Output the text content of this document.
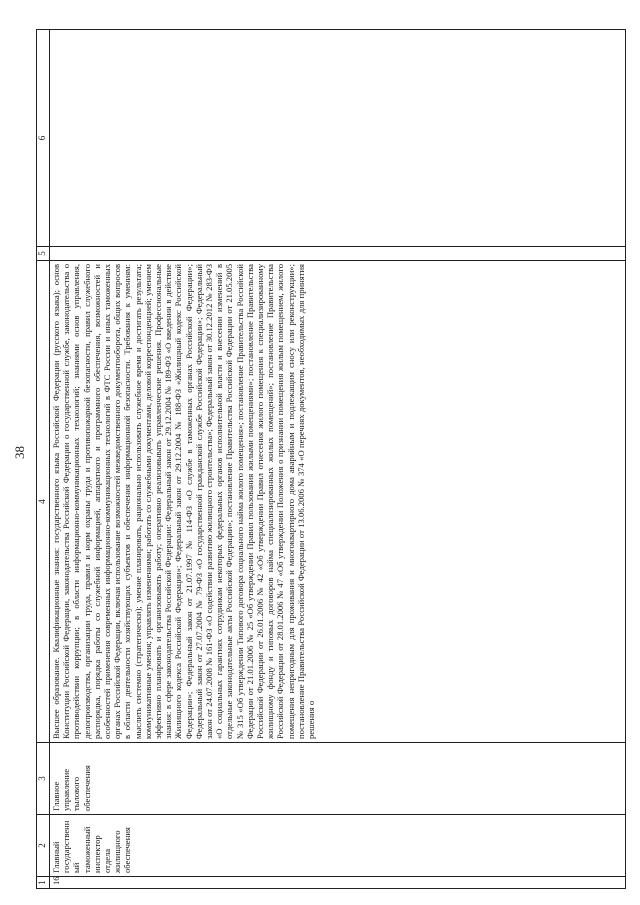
38
1	2	3	4	5	6
16	Главный государственный таможенный инспектор отдела жилищного обеспечения	Главное управление тылового обеспечения	Высшее образование. Квалификационные знания: государственного языка Российской Федерации (русского языка); основ Конституции Российской Федерации, законодательства Российской Федерации о государственной службе, законодательства о противодействии коррупции; в области информационно-коммуникационных технологий; знаниями основ управления, делопроизводства, организации труда, правил и норм охраны труда и противопожарной безопасности, правил служебного распорядка, порядка работы со служебной информацией, аппаратного и программного обеспечения, возможностей и особенностей применения современных информационно-коммуникационных технологий в ФТС России и иных таможенных органах Российской Федерации, включая использование возможностей межведомственного документооборота, общих вопросов в области деятельности хозяйствующих субъектов и обеспечения информационной безопасности. Требования к умениям: мыслить системно (стратегически); умение планировать, рационально использовать служебное время и достигать результата; коммуникативные умения; управлять изменениями; работать со служебными документами, деловой корреспонденцией; умением эффективно планировать и организовывать работу; оперативно реализовывать управленческие решения. Профессиональные знания: в сфере законодательства Российской Федерации: Федеральный закон от 29.12.2004 № 189-ФЗ «О введении в действие Жилищного кодекса Российской Федерации»; Федеральный закон от 29.12.2004 № 188-ФЗ «Жилищный кодекс Российской Федерации»; Федеральный закон от 21.07.1997 № 114-ФЗ «О службе в таможенных органах Российской Федерации»; Федеральный закон от 27.07.2004 № 79-ФЗ «О государственной гражданской службе Российской Федерации»; Федеральный закон от 24.07.2008 № 161-ФЗ «О содействии развитию жилищного строительства»; Федеральный закон от 30.12.2012 № 283-ФЗ «О социальных гарантиях сотрудникам некоторых федеральных органов исполнительной власти и внесении изменений в отдельные законодательные акты Российской Федерации»; постановление Правительства Российской Федерации от 21.05.2005 № 315 «Об утверждении Типового договора социального найма жилого помещения»; постановление Правительства Российской Федерации от 21.01.2006 № 25 «Об утверждении Правил пользования жилыми помещениями»; постановление Правительства Российской Федерации от 26.01.2006 № 42 «Об утверждении Правил отнесения жилого помещения к специализированному жилищному фонду и типовых договоров найма специализированных жилых помещений»; постановление Правительства Российской Федерации от 28.01.2006 № 47 «Об утверждении Положения о признании помещения жилым помещением, жилого помещения непригодным для проживания и многоквартирного дома аварийным и подлежащим сносу или реконструкции»; постановление Правительства Российской Федерации от 13.06.2006 № 374 «О перечнях документов, необходимых для принятия решения о		
